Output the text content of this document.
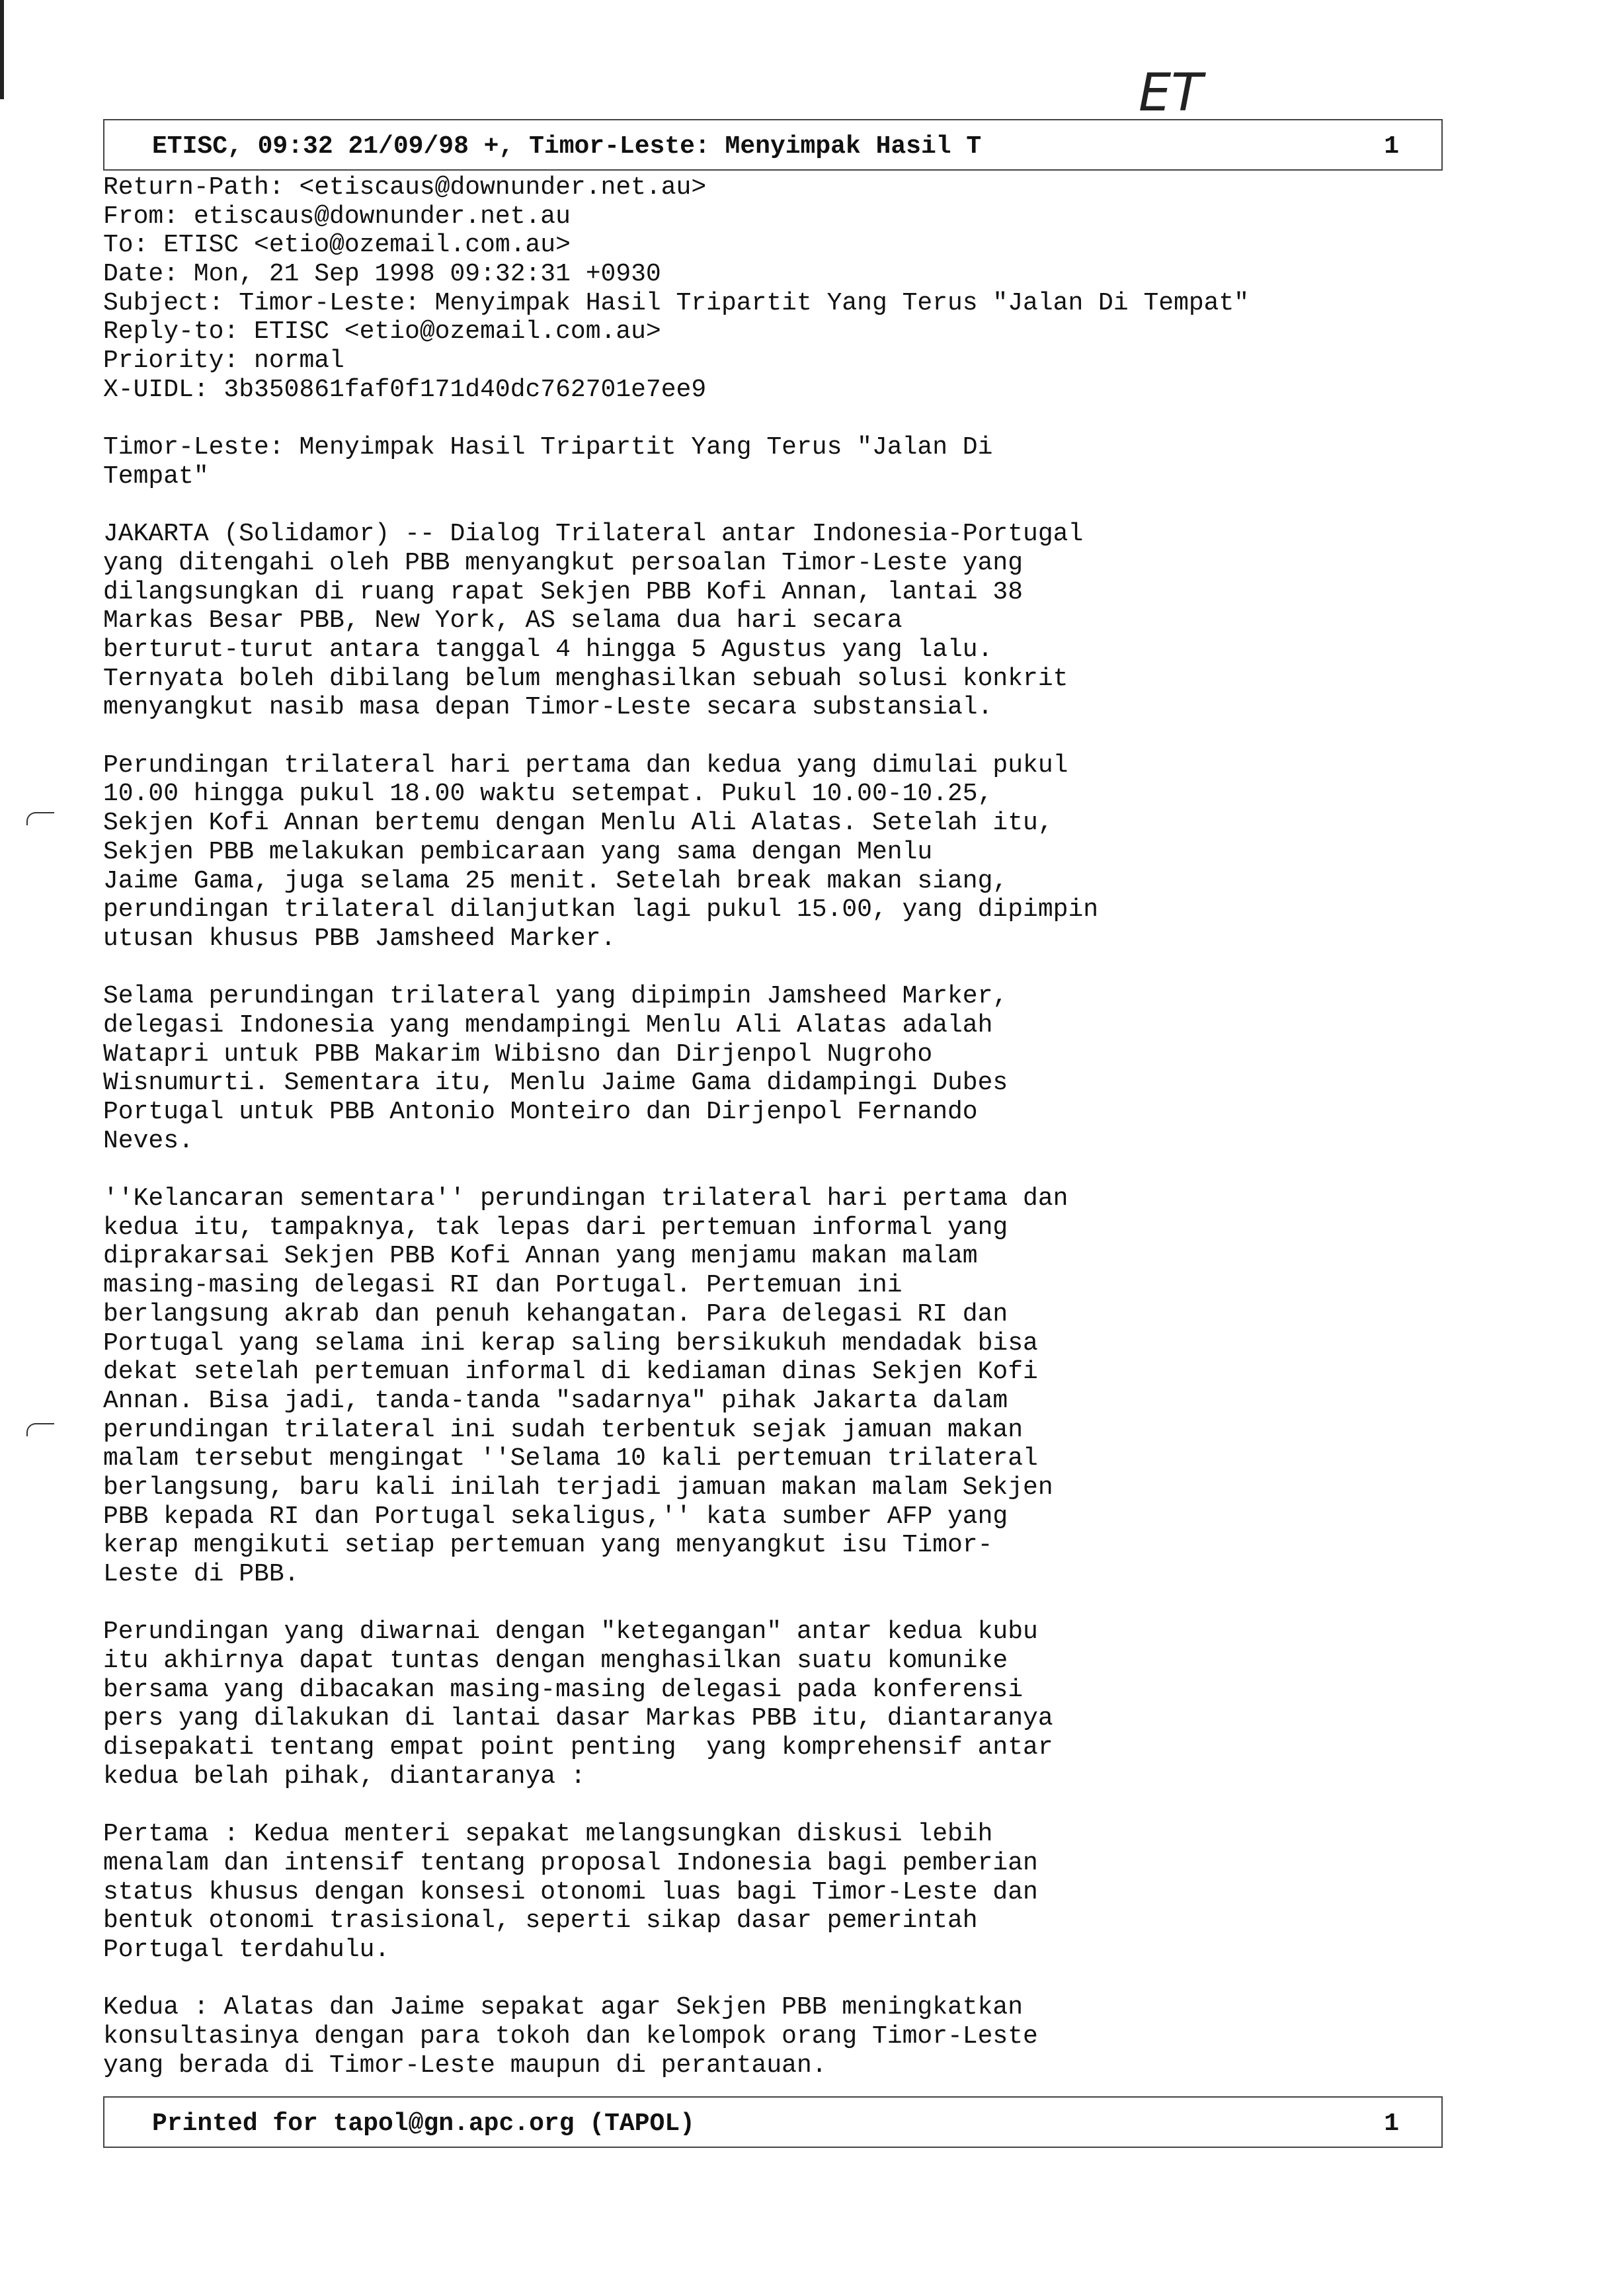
ET
ETISC, 09:32 21/09/98 +, Timor-Leste: Menyimpak Hasil T	1
Return-Path: <etiscaus@downunder.net.au>
From: etiscaus@downunder.net.au
To: ETISC <etio@ozemail.com.au>
Date: Mon, 21 Sep 1998 09:32:31 +0930
Subject: Timor-Leste: Menyimpak Hasil Tripartit Yang Terus "Jalan Di Tempat"
Reply-to: ETISC <etio@ozemail.com.au>
Priority: normal
X-UIDL: 3b350861faf0f171d40dc762701e7ee9
Timor-Leste: Menyimpak Hasil Tripartit Yang Terus "Jalan Di
Tempat"
JAKARTA (Solidamor) -- Dialog Trilateral antar Indonesia-Portugal
yang ditengahi oleh PBB menyangkut persoalan Timor-Leste yang
dilangsungkan di ruang rapat Sekjen PBB Kofi Annan, lantai 38
Markas Besar PBB, New York, AS selama dua hari secara
berturut-turut antara tanggal 4 hingga 5 Agustus yang lalu.
Ternyata boleh dibilang belum menghasilkan sebuah solusi konkrit
menyangkut nasib masa depan Timor-Leste secara substansial.
Perundingan trilateral hari pertama dan kedua yang dimulai pukul
10.00 hingga pukul 18.00 waktu setempat. Pukul 10.00-10.25,
Sekjen Kofi Annan bertemu dengan Menlu Ali Alatas. Setelah itu,
Sekjen PBB melakukan pembicaraan yang sama dengan Menlu
Jaime Gama, juga selama 25 menit. Setelah break makan siang,
perundingan trilateral dilanjutkan lagi pukul 15.00, yang dipimpin
utusan khusus PBB Jamsheed Marker.
Selama perundingan trilateral yang dipimpin Jamsheed Marker,
delegasi Indonesia yang mendampingi Menlu Ali Alatas adalah
Watapri untuk PBB Makarim Wibisno dan Dirjenpol Nugroho
Wisnumurti. Sementara itu, Menlu Jaime Gama didampingi Dubes
Portugal untuk PBB Antonio Monteiro dan Dirjenpol Fernando
Neves.
''Kelancaran sementara'' perundingan trilateral hari pertama dan
kedua itu, tampaknya, tak lepas dari pertemuan informal yang
diprakarsai Sekjen PBB Kofi Annan yang menjamu makan malam
masing-masing delegasi RI dan Portugal. Pertemuan ini
berlangsung akrab dan penuh kehangatan. Para delegasi RI dan
Portugal yang selama ini kerap saling bersikukuh mendadak bisa
dekat setelah pertemuan informal di kediaman dinas Sekjen Kofi
Annan. Bisa jadi, tanda-tanda "sadarnya" pihak Jakarta dalam
perundingan trilateral ini sudah terbentuk sejak jamuan makan
malam tersebut mengingat ''Selama 10 kali pertemuan trilateral
berlangsung, baru kali inilah terjadi jamuan makan malam Sekjen
PBB kepada RI dan Portugal sekaligus,'' kata sumber AFP yang
kerap mengikuti setiap pertemuan yang menyangkut isu Timor-
Leste di PBB.
Perundingan yang diwarnai dengan "ketegangan" antar kedua kubu
itu akhirnya dapat tuntas dengan menghasilkan suatu komunike
bersama yang dibacakan masing-masing delegasi pada konferensi
pers yang dilakukan di lantai dasar Markas PBB itu, diantaranya
disepakati tentang empat point penting  yang komprehensif antar
kedua belah pihak, diantaranya :
Pertama : Kedua menteri sepakat melangsungkan diskusi lebih
menalam dan intensif tentang proposal Indonesia bagi pemberian
status khusus dengan konsesi otonomi luas bagi Timor-Leste dan
bentuk otonomi trasisional, seperti sikap dasar pemerintah
Portugal terdahulu.
Kedua : Alatas dan Jaime sepakat agar Sekjen PBB meningkatkan
konsultasinya dengan para tokoh dan kelompok orang Timor-Leste
yang berada di Timor-Leste maupun di perantauan.
Printed for tapol@gn.apc.org (TAPOL)	1
